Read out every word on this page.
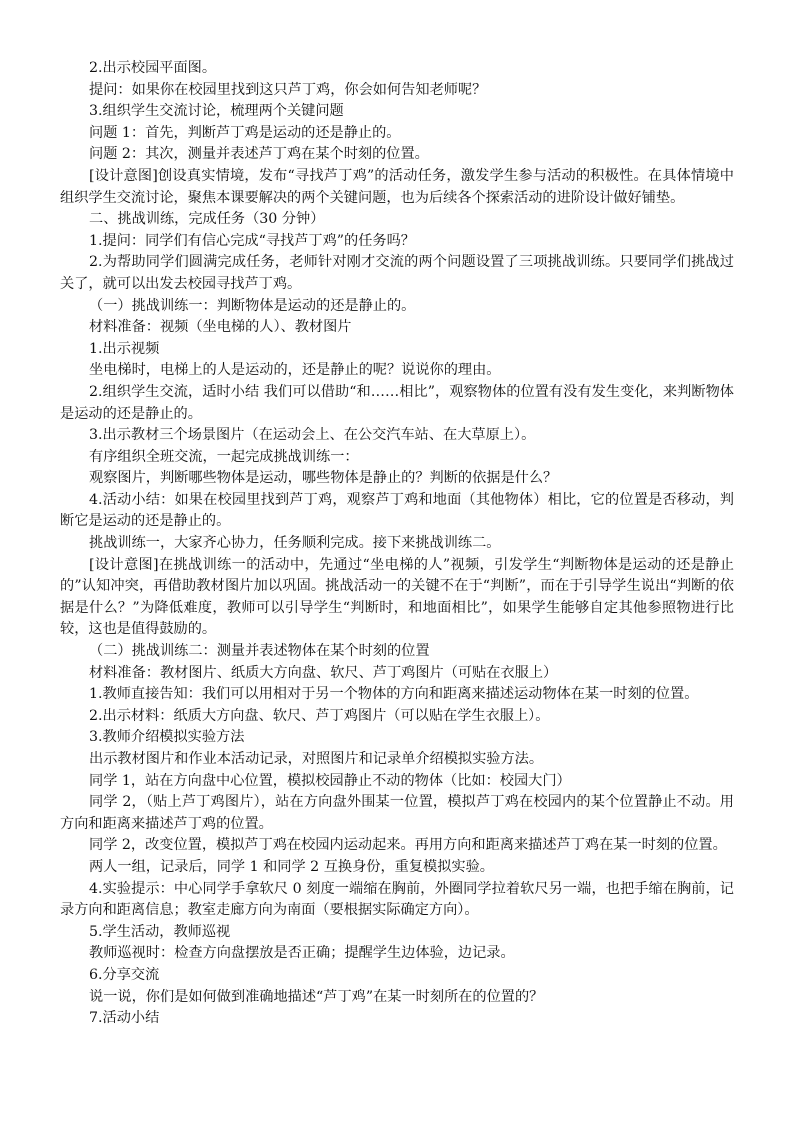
2.出示校园平面图。

提问：如果你在校园里找到这只芦丁鸡，你会如何告知老师呢？

3.组织学生交流讨论，梳理两个关键问题

问题 1：首先，判断芦丁鸡是运动的还是静止的。

问题 2：其次，测量并表述芦丁鸡在某个时刻的位置。

[设计意图]创设真实情境，发布“寻找芦丁鸡”的活动任务，激发学生参与活动的积极性。在具体情境中组织学生交流讨论，聚焦本课要解决的两个关键问题，也为后续各个探索活动的进阶设计做好铺垫。

二、挑战训练，完成任务（30 分钟）

1.提问：同学们有信心完成“寻找芦丁鸡”的任务吗？

2.为帮助同学们圆满完成任务，老师针对刚才交流的两个问题设置了三项挑战训练。只要同学们挑战过关了，就可以出发去校园寻找芦丁鸡。

（一）挑战训练一：判断物体是运动的还是静止的。

材料准备：视频（坐电梯的人）、教材图片

1.出示视频

坐电梯时，电梯上的人是运动的，还是静止的呢？说说你的理由。

2.组织学生交流，适时小结 我们可以借助“和……相比”，观察物体的位置有没有发生变化，来判断物体是运动的还是静止的。

3.出示教材三个场景图片（在运动会上、在公交汽车站、在大草原上）。

有序组织全班交流，一起完成挑战训练一：

观察图片，判断哪些物体是运动，哪些物体是静止的？判断的依据是什么？

4.活动小结：如果在校园里找到芦丁鸡，观察芦丁鸡和地面（其他物体）相比，它的位置是否移动，判断它是运动的还是静止的。

挑战训练一，大家齐心协力，任务顺利完成。接下来挑战训练二。

[设计意图]在挑战训练一的活动中，先通过“坐电梯的人”视频，引发学生“判断物体是运动的还是静止的”认知冲突，再借助教材图片加以巩固。挑战活动一的关键不在于“判断”，而在于引导学生说出“判断的依据是什么？”为降低难度，教师可以引导学生“判断时，和地面相比”，如果学生能够自定其他参照物进行比较，这也是值得鼓励的。

（二）挑战训练二：测量并表述物体在某个时刻的位置

材料准备：教材图片、纸质大方向盘、软尺、芦丁鸡图片（可贴在衣服上）

1.教师直接告知：我们可以用相对于另一个物体的方向和距离来描述运动物体在某一时刻的位置。

2.出示材料：纸质大方向盘、软尺、芦丁鸡图片（可以贴在学生衣服上）。

3.教师介绍模拟实验方法

出示教材图片和作业本活动记录，对照图片和记录单介绍模拟实验方法。

同学 1，站在方向盘中心位置，模拟校园静止不动的物体（比如：校园大门）

同学 2，（贴上芦丁鸡图片），站在方向盘外围某一位置，模拟芦丁鸡在校园内的某个位置静止不动。用方向和距离来描述芦丁鸡的位置。

同学 2，改变位置，模拟芦丁鸡在校园内运动起来。再用方向和距离来描述芦丁鸡在某一时刻的位置。

两人一组，记录后，同学 1 和同学 2 互换身份，重复模拟实验。

4.实验提示：中心同学手拿软尺 0 刻度一端缩在胸前，外圈同学拉着软尺另一端，也把手缩在胸前，记录方向和距离信息；教室走廊方向为南面（要根据实际确定方向）。

5.学生活动，教师巡视

教师巡视时：检查方向盘摆放是否正确；提醒学生边体验，边记录。

6.分享交流

说一说，你们是如何做到准确地描述“芦丁鸡”在某一时刻所在的位置的？

7.活动小结
